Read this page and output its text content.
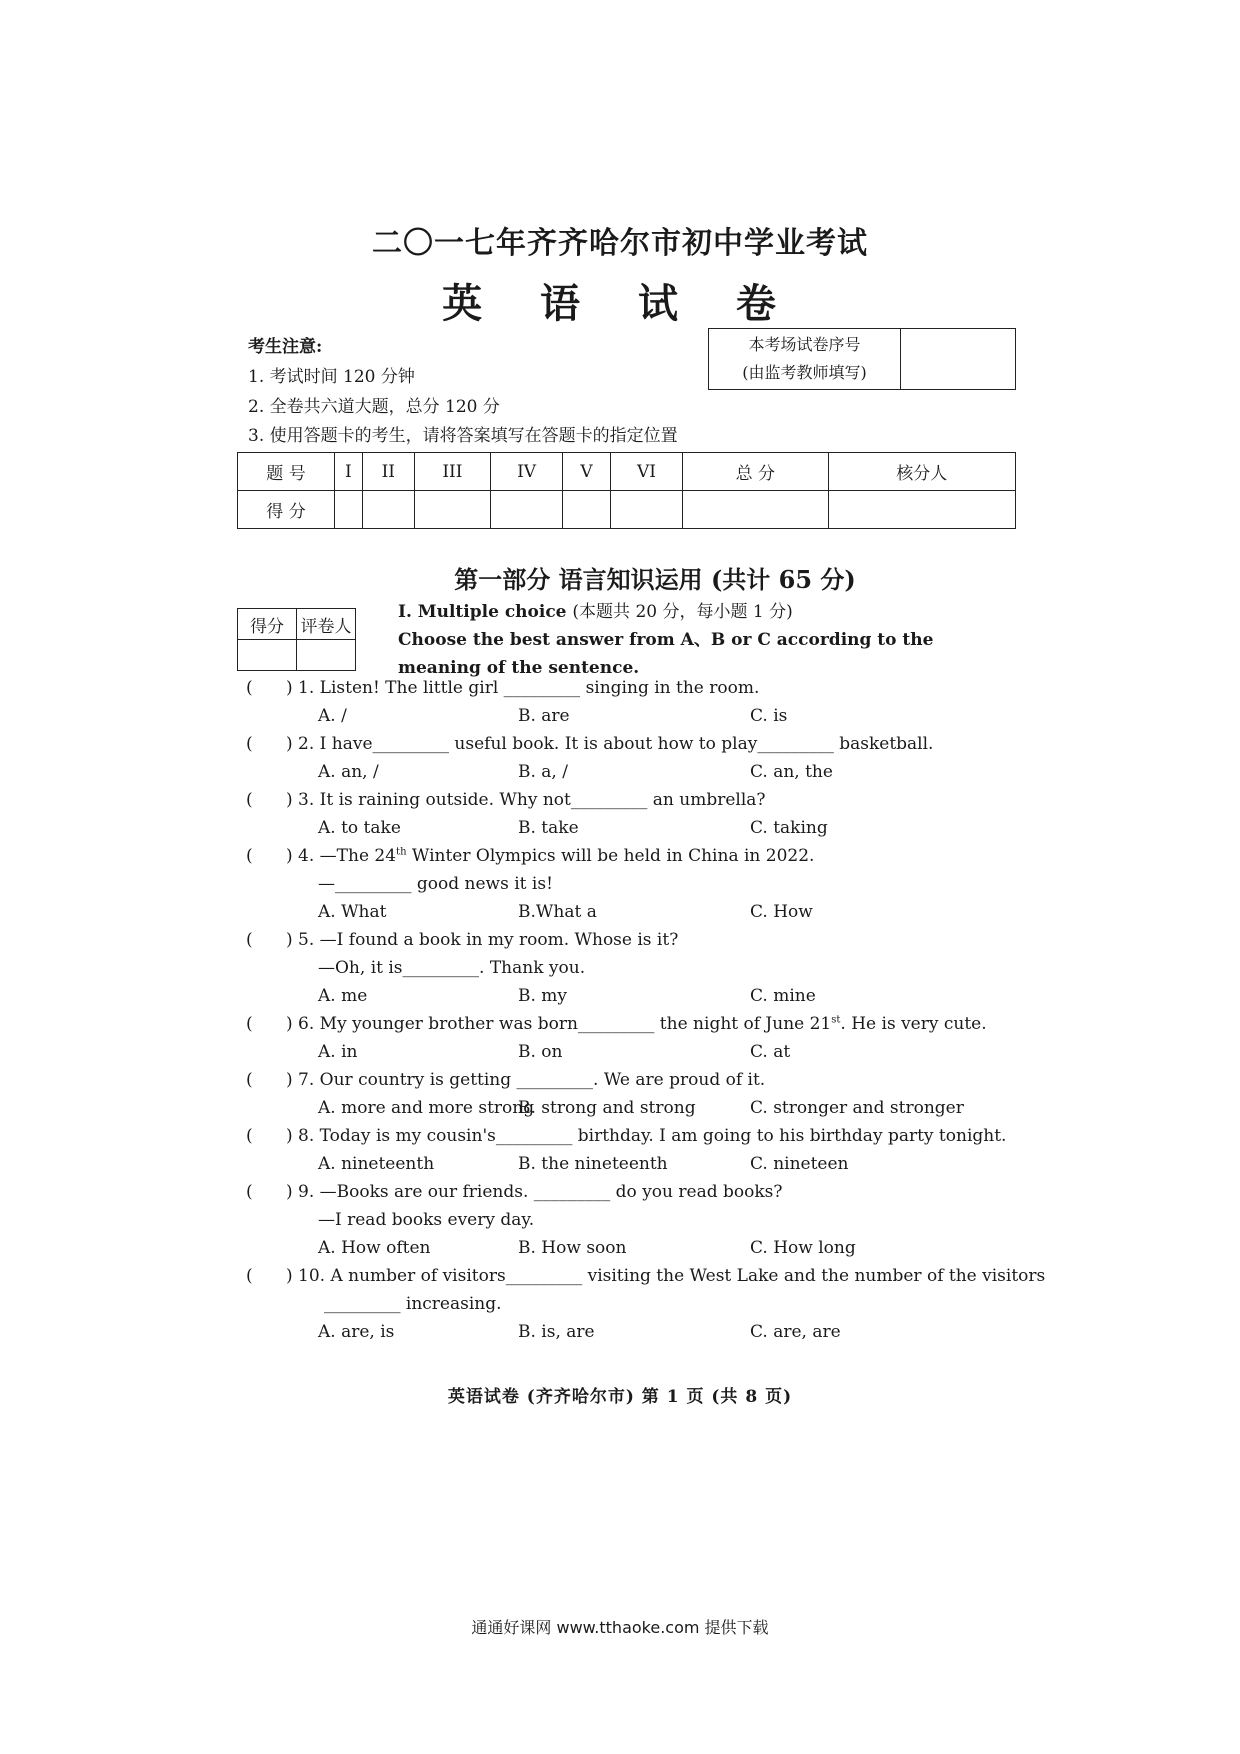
二〇一七年齐齐哈尔市初中学业考试
英 语 试 卷
考生注意:
1. 考试时间 120 分钟
2. 全卷共六道大题，总分 120 分
3. 使用答题卡的考生，请将答案填写在答题卡的指定位置
本考场试卷序号
(由监考教师填写)
题 号	I	II	III	IV	V	VI	总 分	核分人
得 分								
第一部分 语言知识运用 (共计 65 分)
得分	评卷人

I. Multiple choice (本题共 20 分，每小题 1 分)
Choose the best answer from A、B or C according to the meaning of the sentence.
( ) 1. Listen! The little girl _________ singing in the room.
A. /	B. are	C. is
( ) 2. I have_________ useful book. It is about how to play_________ basketball.
A. an, /	B. a, /	C. an, the
( ) 3. It is raining outside. Why not_________ an umbrella?
A. to take	B. take	C. taking
( ) 4. —The 24th Winter Olympics will be held in China in 2022.
—_________ good news it is!
A. What	B.What a	C. How
( ) 5. —I found a book in my room. Whose is it?
—Oh, it is_________. Thank you.
A. me	B. my	C. mine
( ) 6. My younger brother was born_________ the night of June 21st. He is very cute.
A. in	B. on	C. at
( ) 7. Our country is getting _________. We are proud of it.
A. more and more strong
B. strong and strong	C. stronger and stronger
( ) 8. Today is my cousin's_________ birthday. I am going to his birthday party tonight.
A. nineteenth	B. the nineteenth	C. nineteen
( ) 9. —Books are our friends. _________ do you read books?
—I read books every day.
A. How often	B. How soon	C. How long
( ) 10. A number of visitors_________ visiting the West Lake and the number of the visitors
_________ increasing.
A. are, is	B. is, are	C. are, are
英语试卷 (齐齐哈尔市) 第 1 页 (共 8 页)
通通好课网 www.tthaoke.com 提供下载
